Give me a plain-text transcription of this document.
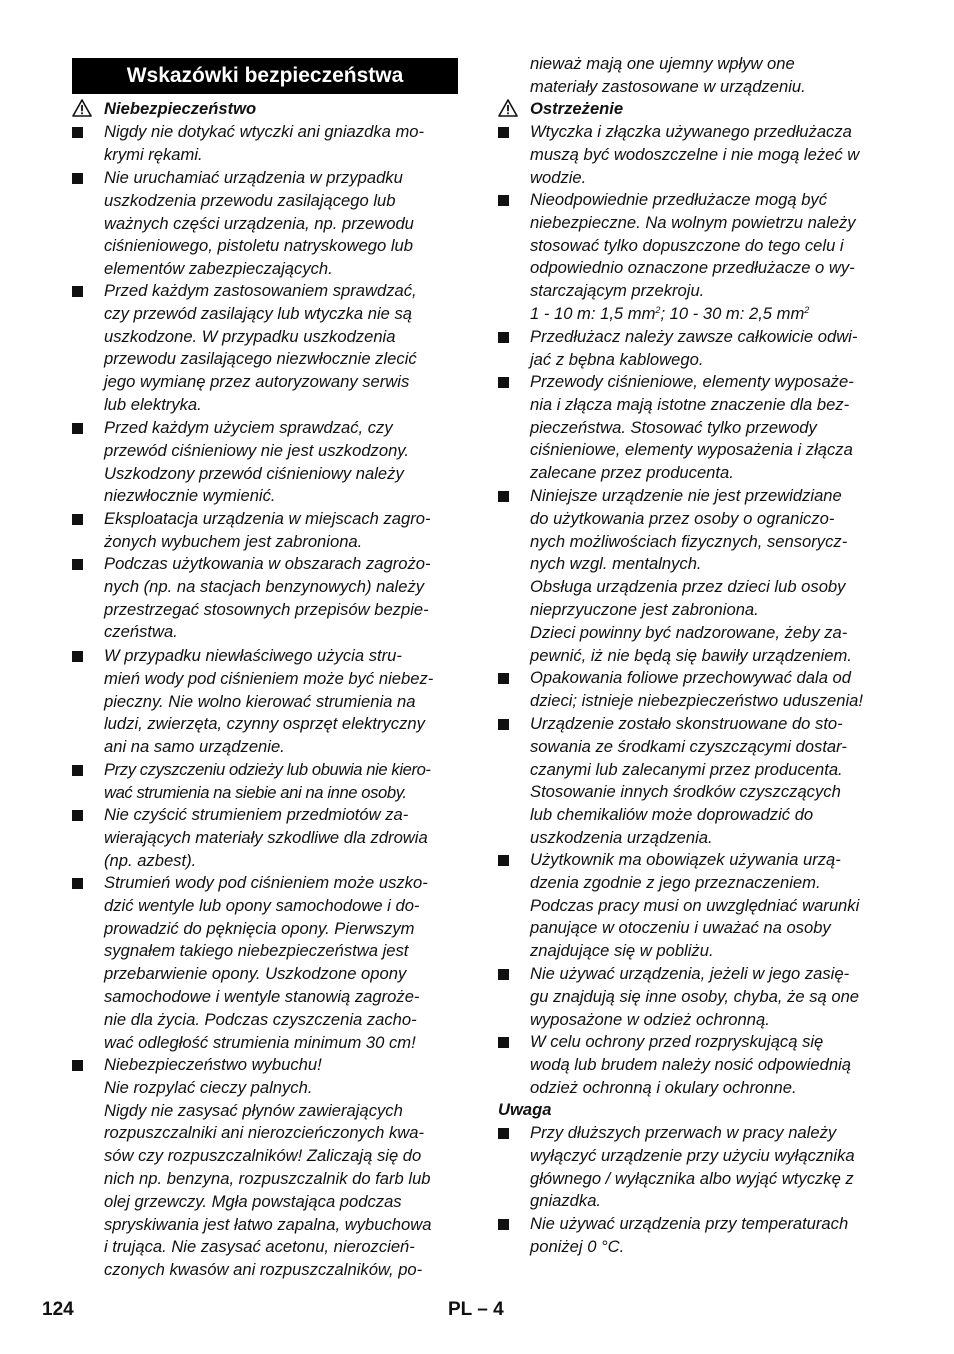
Wskazówki bezpieczeństwa
Niebezpieczeństwo
Nigdy nie dotykać wtyczki ani gniazdka mo-
krymi rękami.
Nie uruchamiać urządzenia w przypadku
uszkodzenia przewodu zasilającego lub
ważnych części urządzenia, np. przewodu
ciśnieniowego, pistoletu natryskowego lub
elementów zabezpieczających.
Przed każdym zastosowaniem sprawdzać,
czy przewód zasilający lub wtyczka nie są
uszkodzone. W przypadku uszkodzenia
przewodu zasilającego niezwłocznie zlecić
jego wymianę przez autoryzowany serwis
lub elektryka.
Przed każdym użyciem sprawdzać, czy
przewód ciśnieniowy nie jest uszkodzony.
Uszkodzony przewód ciśnieniowy należy
niezwłocznie wymienić.
Eksploatacja urządzenia w miejscach zagro-
żonych wybuchem jest zabroniona.
Podczas użytkowania w obszarach zagrożo-
nych (np. na stacjach benzynowych) należy
przestrzegać stosownych przepisów bezpie-
czeństwa.
W przypadku niewłaściwego użycia stru-
mień wody pod ciśnieniem może być niebez-
pieczny. Nie wolno kierować strumienia na
ludzi, zwierzęta, czynny osprzęt elektryczny
ani na samo urządzenie.
Przy czyszczeniu odzieży lub obuwia nie kiero-
wać strumienia na siebie ani na inne osoby.
Nie czyścić strumieniem przedmiotów za-
wierających materiały szkodliwe dla zdrowia
(np. azbest).
Strumień wody pod ciśnieniem może uszko-
dzić wentyle lub opony samochodowe i do-
prowadzić do pęknięcia opony. Pierwszym
sygnałem takiego niebezpieczeństwa jest
przebarwienie opony. Uszkodzone opony
samochodowe i wentyle stanowią zagroże-
nie dla życia. Podczas czyszczenia zacho-
wać odległość strumienia minimum 30 cm!
Niebezpieczeństwo wybuchu!
Nie rozpylać cieczy palnych.
Nigdy nie zasysać płynów zawierających
rozpuszczalniki ani nierozcieńczonych kwa-
sów czy rozpuszczalników! Zaliczają się do
nich np. benzyna, rozpuszczalnik do farb lub
olej grzewczy. Mgła powstająca podczas
spryskiwania jest łatwo zapalna, wybuchowa
i trująca. Nie zasysać acetonu, nierozcień-
czonych kwasów ani rozpuszczalników, po-
nieważ mają one ujemny wpływ one
materiały zastosowane w urządzeniu.
Ostrzeżenie
Wtyczka i złączka używanego przedłużacza
muszą być wodoszczelne i nie mogą leżeć w
wodzie.
Nieodpowiednie przedłużacze mogą być
niebezpieczne. Na wolnym powietrzu należy
stosować tylko dopuszczone do tego celu i
odpowiednio oznaczone przedłużacze o wy-
starczającym przekroju.
1 - 10 m: 1,5 $mm^2$; 10 - 30 m: 2,5 $mm^2$
Przedłużacz należy zawsze całkowicie odwi-
jać z bębna kablowego.
Przewody ciśnieniowe, elementy wyposaże-
nia i złącza mają istotne znaczenie dla bez-
pieczeństwa. Stosować tylko przewody
ciśnieniowe, elementy wyposażenia i złącza
zalecane przez producenta.
Niniejsze urządzenie nie jest przewidziane
do użytkowania przez osoby o ograniczo-
nych możliwościach fizycznych, sensorycz-
nych wzgl. mentalnych.
Obsługa urządzenia przez dzieci lub osoby
nieprzyuczone jest zabroniona.
Dzieci powinny być nadzorowane, żeby za-
pewnić, iż nie będą się bawiły urządzeniem.
Opakowania foliowe przechowywać dala od
dzieci; istnieje niebezpieczeństwo uduszenia!
Urządzenie zostało skonstruowane do sto-
sowania ze środkami czyszczącymi dostar-
czanymi lub zalecanymi przez producenta.
Stosowanie innych środków czyszczących
lub chemikaliów może doprowadzić do
uszkodzenia urządzenia.
Użytkownik ma obowiązek używania urzą-
dzenia zgodnie z jego przeznaczeniem.
Podczas pracy musi on uwzględniać warunki
panujące w otoczeniu i uważać na osoby
znajdujące się w pobliżu.
Nie używać urządzenia, jeżeli w jego zasię-
gu znajdują się inne osoby, chyba, że są one
wyposażone w odzież ochronną.
W celu ochrony przed rozpryskującą się
wodą lub brudem należy nosić odpowiednią
odzież ochronną i okulary ochronne.
Uwaga
Przy dłuższych przerwach w pracy należy
wyłączyć urządzenie przy użyciu wyłącznika
głównego / wyłącznika albo wyjąć wtyczkę z
gniazdka.
Nie używać urządzenia przy temperaturach
poniżej 0 °C.
124	PL – 4
